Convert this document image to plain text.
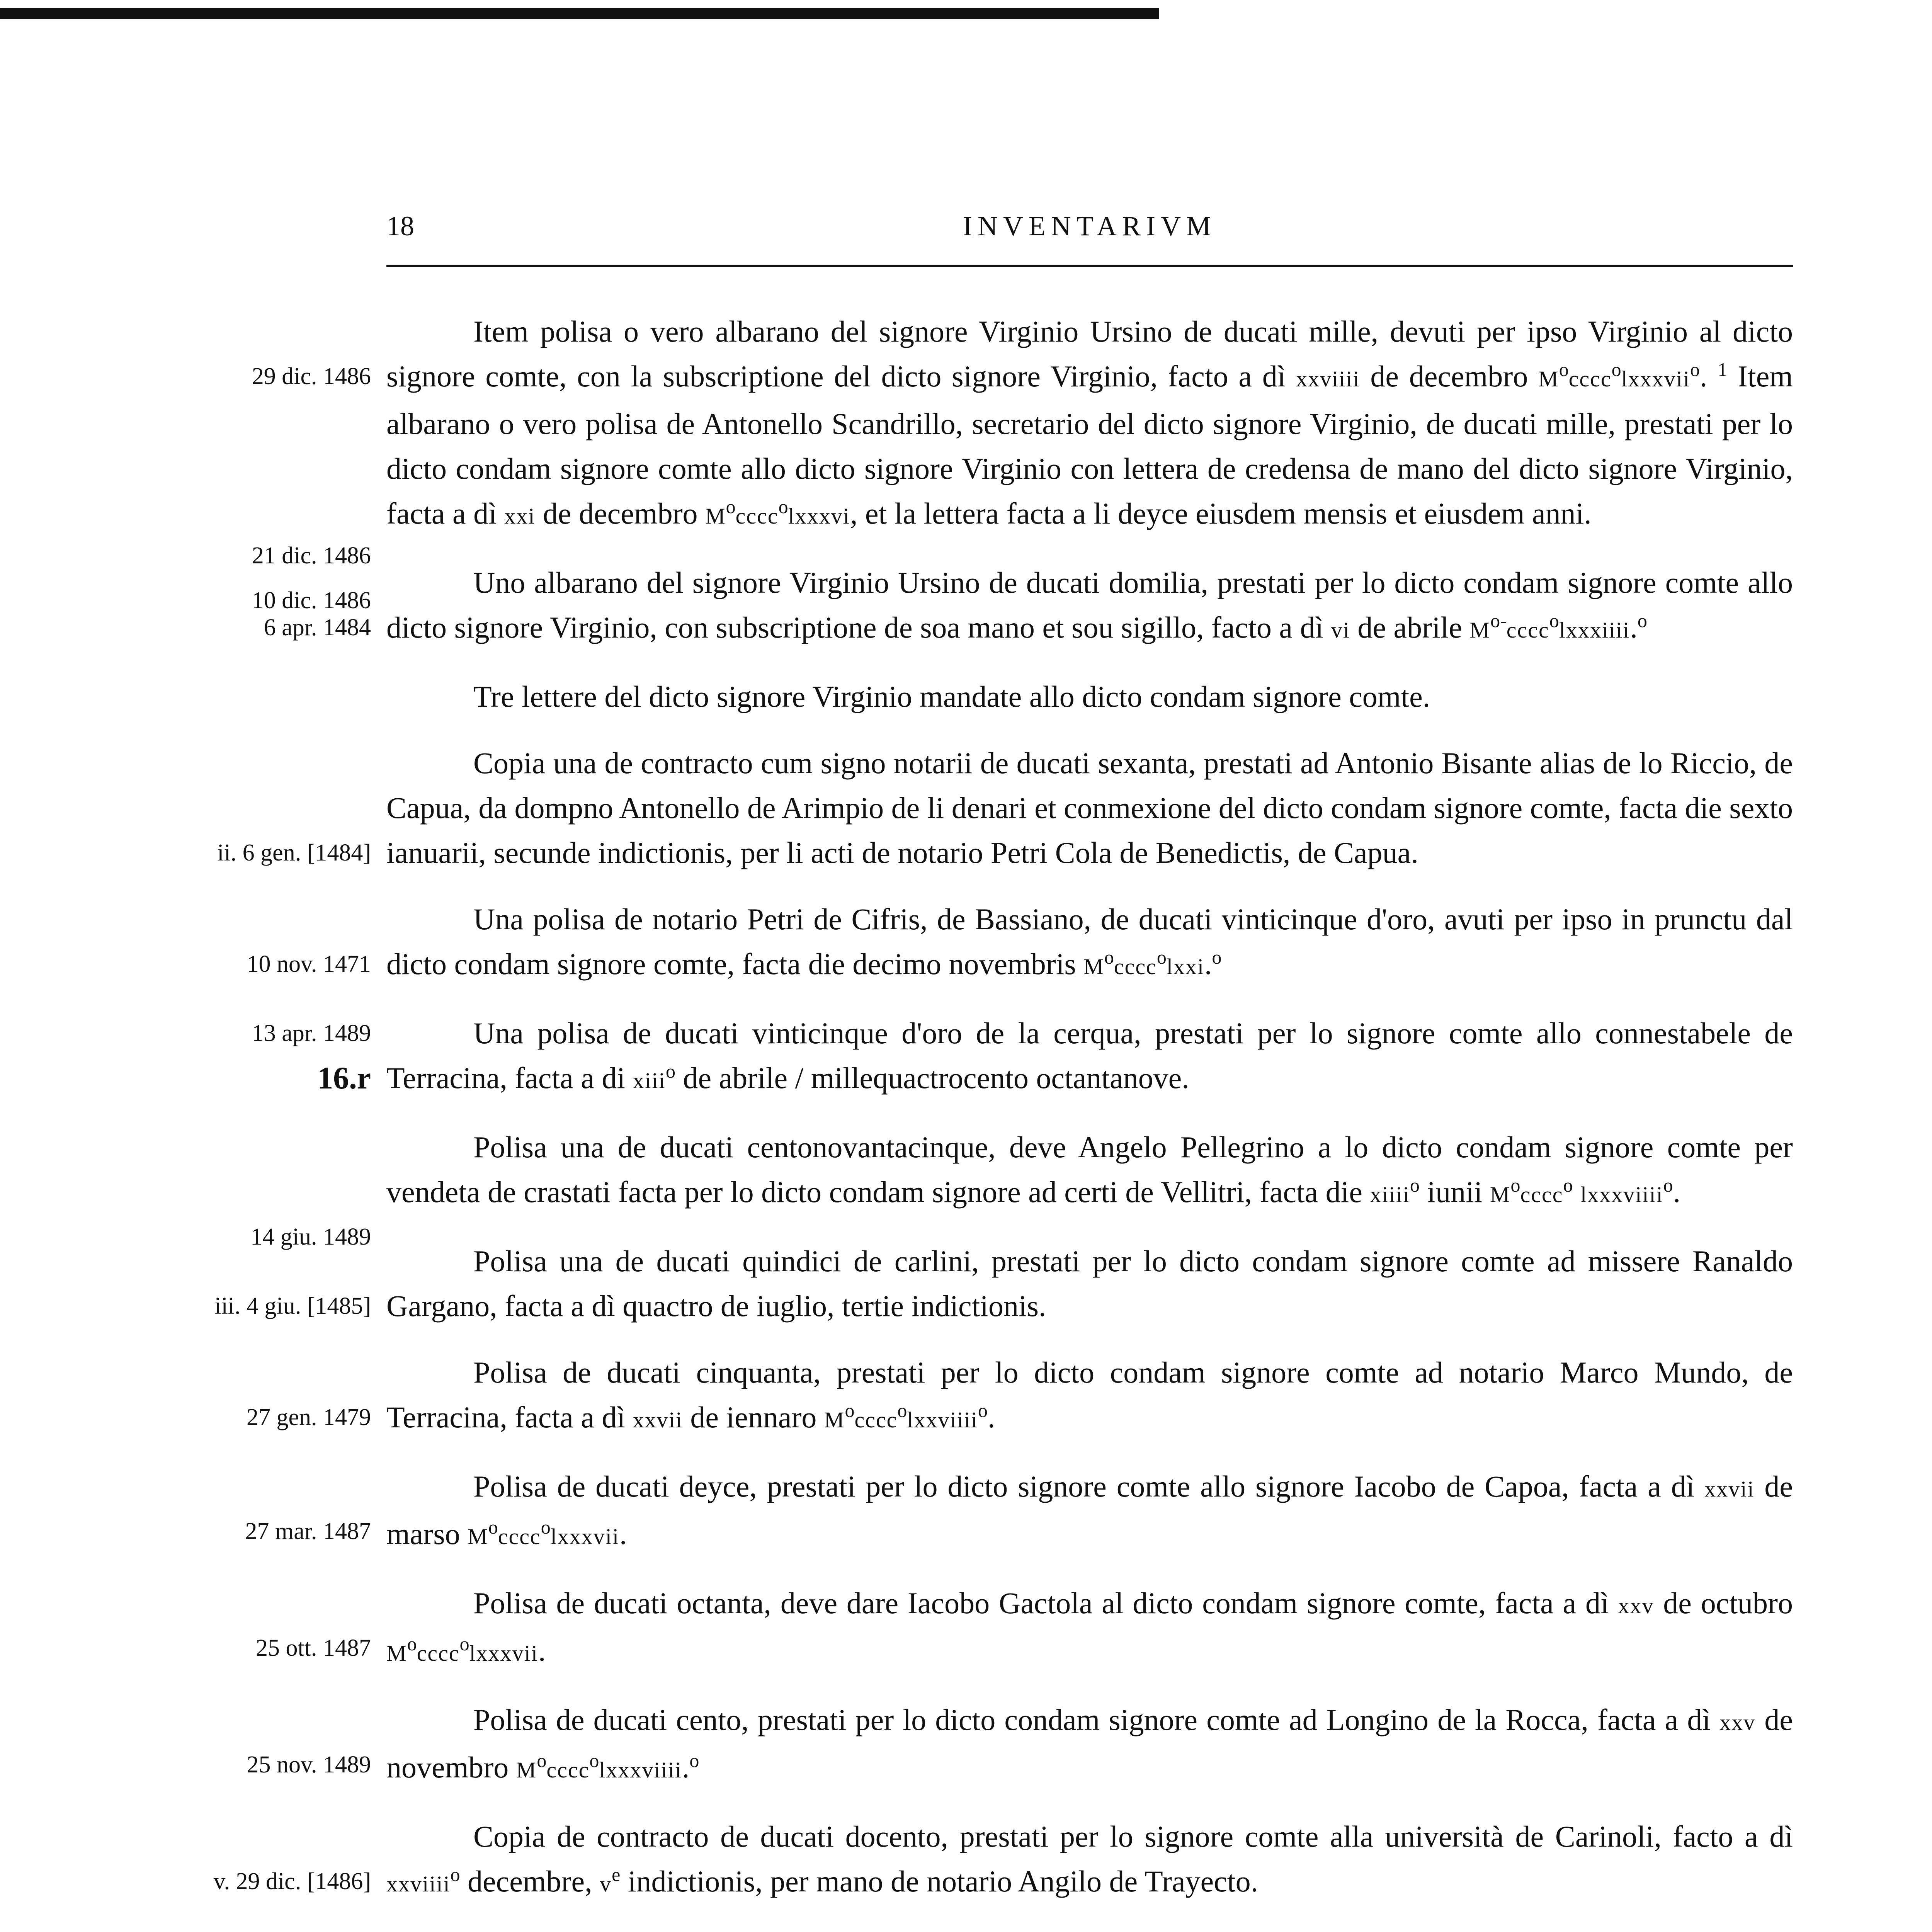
18	INVENTARIVM
Item polisa o vero albarano del signore Virginio Ursino de ducati mille, devuti per ipso Virginio al dicto signore comte, con la subscriptione del dicto signore Virginio, facto a dì xxviiii de decembro $M^occcc^olxxxvii^o$. $^1$ Item albarano o vero polisa de Antonello Scandrillo, secretario del dicto signore Virginio, de ducati mille, prestati per lo dicto condam signore comte allo dicto signore Virginio con lettera de credensa de mano del dicto signore Virginio, facta a dì xxi de decembro $M^occcc^olxxxvi$, et la lettera facta a li deyce eiusdem mensis et eiusdem anni.
29 dic. 1486
21 dic. 1486
10 dic. 1486
Uno albarano del signore Virginio Ursino de ducati domilia, prestati per lo dicto condam signore comte allo dicto signore Virginio, con subscriptione de soa mano et sou sigillo, facto a dì vi de abrile $M^{o-}cccc^olxxxiiii.^o$
6 apr. 1484
Tre lettere del dicto signore Virginio mandate allo dicto condam signore comte.
Copia una de contracto cum signo notarii de ducati sexanta, prestati ad Antonio Bisante alias de lo Riccio, de Capua, da dompno Antonello de Arimpio de li denari et conmexione del dicto condam signore comte, facta die sexto ianuarii, secunde indictionis, per li acti de notario Petri Cola de Benedictis, de Capua.
ii. 6 gen. [1484]
Una polisa de notario Petri de Cifris, de Bassiano, de ducati vinticinque d'oro, avuti per ipso in prunctu dal dicto condam signore comte, facta die decimo novembris $M^occcc^olxxi.^o$
10 nov. 1471
Una polisa de ducati vinticinque d'oro de la cerqua, prestati per lo signore comte allo connestabele de Terracina, facta a di xiii$^o$ de abrile / millequactrocento octantanove.
13 apr. 1489
16.r
Polisa una de ducati centonovantacinque, deve Angelo Pellegrino a lo dicto condam signore comte per vendeta de crastati facta per lo dicto condam signore ad certi de Vellitri, facta die xiiii$^o$ iunii $M^occcc^o$ lxxxviiii$^o$.
14 giu. 1489
Polisa una de ducati quindici de carlini, prestati per lo dicto condam signore comte ad missere Ranaldo Gargano, facta a dì quactro de iuglio, tertie indictionis.
iii. 4 giu. [1485]
Polisa de ducati cinquanta, prestati per lo dicto condam signore comte ad notario Marco Mundo, de Terracina, facta a dì xxvii de iennaro $M^occcc^olxxviiii^o$.
27 gen. 1479
Polisa de ducati deyce, prestati per lo dicto signore comte allo signore Iacobo de Capoa, facta a dì xxvii de marso $M^occcc^olxxxvii$.
27 mar. 1487
Polisa de ducati octanta, deve dare Iacobo Gactola al dicto condam signore comte, facta a dì xxv de octubro $M^occcc^olxxxvii$.
25 ott. 1487
Polisa de ducati cento, prestati per lo dicto condam signore comte ad Longino de la Rocca, facta a dì xxv de novembro $M^occcc^olxxxviiii.^o$
25 nov. 1489
Copia de contracto de ducati docento, prestati per lo signore comte alla università de Carinoli, facto a dì xxviiii$^o$ decembre, $v^e$ indictionis, per mano de notario Angilo de Trayecto.
v. 29 dic. [1486]
